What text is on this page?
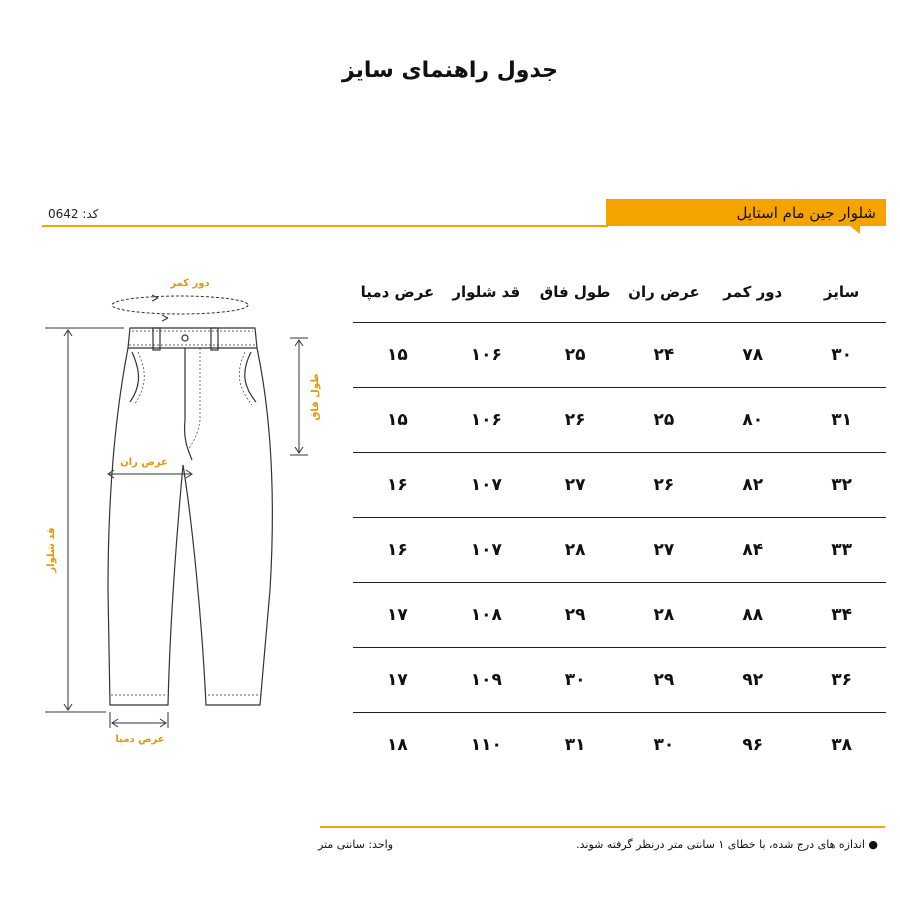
جدول راهنمای سایز
کد: 0642	شلوار جین مام استایل
دور کمر
طول فاق
عرض ران
قد شلوار
عرض دمپا
سایز	دور کمر	عرض ران	طول فاق	قد شلوار	عرض دمپا
۳۰	۷۸	۲۴	۲۵	۱۰۶	۱۵
۳۱	۸۰	۲۵	۲۶	۱۰۶	۱۵
۳۲	۸۲	۲۶	۲۷	۱۰۷	۱۶
۳۳	۸۴	۲۷	۲۸	۱۰۷	۱۶
۳۴	۸۸	۲۸	۲۹	۱۰۸	۱۷
۳۶	۹۲	۲۹	۳۰	۱۰۹	۱۷
۳۸	۹۶	۳۰	۳۱	۱۱۰	۱۸
● اندازه های درج شده، با خطای ۱ سانتی متر درنظر گرفته شوند.
واحد: سانتی متر
